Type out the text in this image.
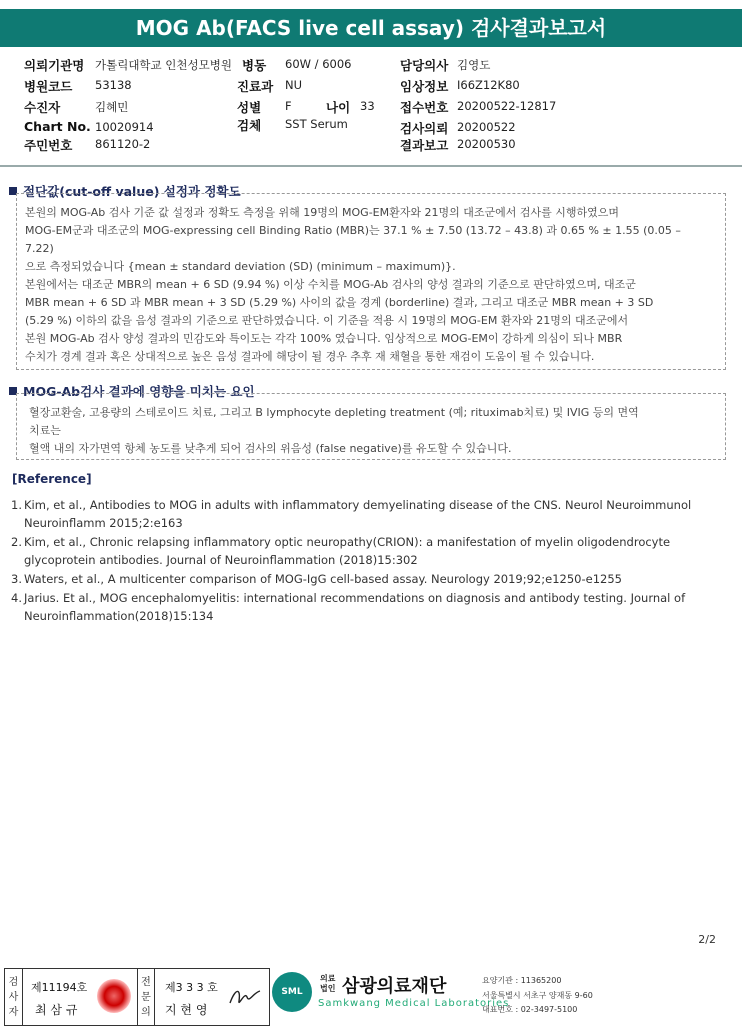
MOG Ab(FACS live cell assay) 검사결과보고서
의뢰기관명 가톨릭대학교 인천성모병원
병원코드 53138
수진자	김혜민
Chart No. 10020914
주민번호 861120-2
병동 60W / 6006
진료과 NU
성별 F	나이 33
검체 SST Serum
담당의사 김영도
임상정보 I66Z12K80
접수번호 20200522-12817
검사의뢰 20200522
결과보고 20200530
절단값(cut-off value) 설정과 정확도

본원의 MOG-Ab 검사 기준 값 설정과 정확도 측정을 위해 19명의 MOG-EM환자와 21명의 대조군에서 검사를 시행하였으며

MOG-EM군과 대조군의 MOG-expressing cell Binding Ratio (MBR)는 37.1 % ± 7.50 (13.72 – 43.8) 과 0.65 % ± 1.55 (0.05 –

7.22)

으로 측정되었습니다 {mean ± standard deviation (SD) (minimum – maximum)}.

본원에서는 대조군 MBR의 mean + 6 SD (9.94 %) 이상 수치를 MOG-Ab 검사의 양성 결과의 기준으로 판단하였으며, 대조군

MBR mean + 6 SD 과 MBR mean + 3 SD (5.29 %) 사이의 값을 경계 (borderline) 결과, 그리고 대조군 MBR mean + 3 SD

(5.29 %) 이하의 값을 음성 결과의 기준으로 판단하였습니다. 이 기준을 적용 시 19명의 MOG-EM 환자와 21명의 대조군에서

본원 MOG-Ab 검사 양성 결과의 민감도와 특이도는 각각 100% 였습니다. 임상적으로 MOG-EM이 강하게 의심이 되나 MBR

수치가 경계 결과 혹은 상대적으로 높은 음성 결과에 해당이 될 경우 추후 재 채혈을 통한 재검이 도움이 될 수 있습니다.

MOG-Ab검사 결과에 영향을 미치는 요인

혈장교환술, 고용량의 스테로이드 치료, 그리고 B lymphocyte depleting treatment (예; rituximab치료) 및 IVIG 등의 면역

치료는

혈액 내의 자가면역 항체 농도를 낮추게 되어 검사의 위음성 (false negative)를 유도할 수 있습니다.

[Reference]
1. Kim, et al., Antibodies to MOG in adults with inflammatory demyelinating disease of the CNS. Neurol Neuroimmunol
Neuroinflamm 2015;2:e163
2. Kim, et al., Chronic relapsing inflammatory optic neuropathy(CRION): a manifestation of myelin oligodendrocyte
glycoprotein antibodies. Journal of Neuroinflammation (2018)15:302
3. Waters, et al., A multicenter comparison of MOG-IgG cell-based assay. Neurology 2019;92;e1250-e1255
4. Jarius. Et al., MOG encephalomyelitis: international recommendations on diagnosis and antibody testing. Journal of
Neuroinflammation(2018)15:134
2/2
검사자
제11194호
최 삼 규
전문의
제3 3 3 호
지 현 영
SML
의료법인 삼광의료재단
Samkwang Medical Laboratories
요양기관 : 11365200
서울특별시 서초구 양재동 9-60
대표번호 : 02-3497-5100
